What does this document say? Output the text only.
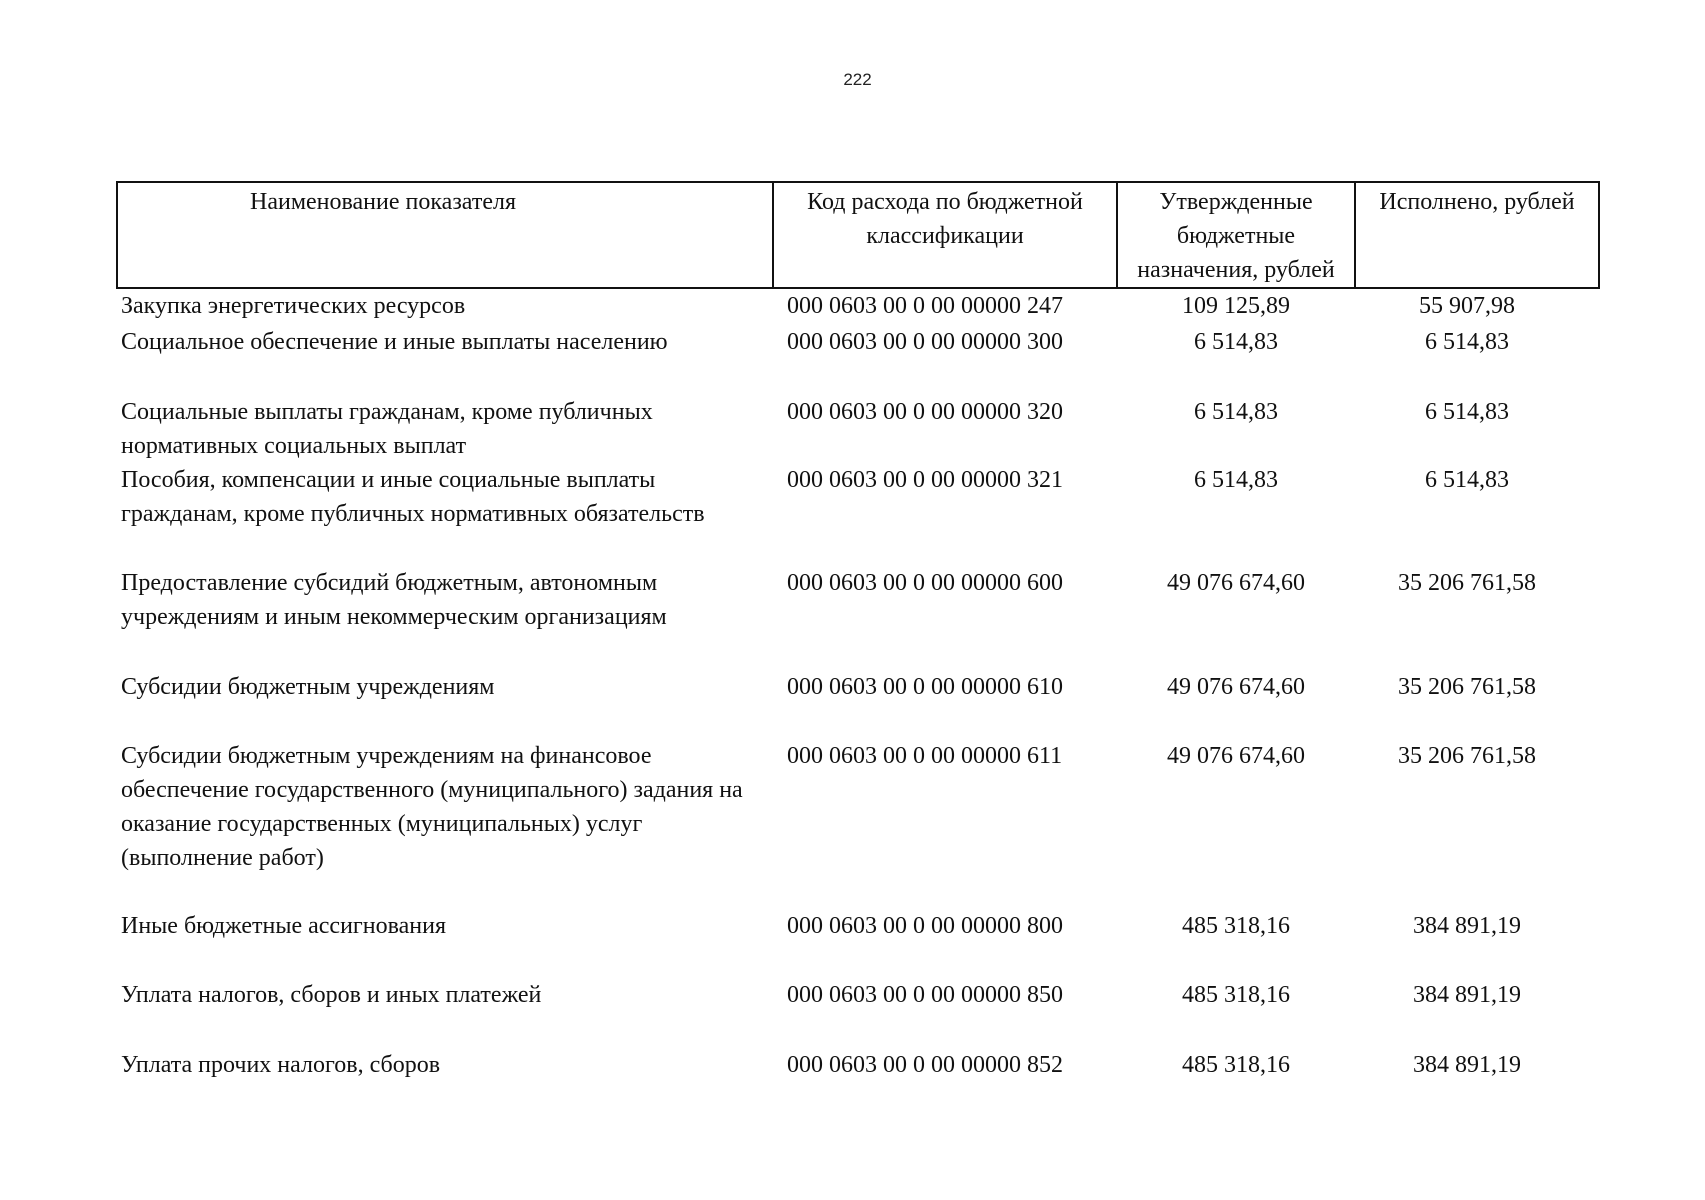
222
Наименование показателя	Код расхода по бюджетной классификации	Утвержденные бюджетные назначения, рублей	Исполнено, рублей
Закупка энергетических ресурсов	000 0603 00 0 00 00000 247	109 125,89	55 907,98
Социальное обеспечение и иные выплаты населению	000 0603 00 0 00 00000 300	6 514,83	6 514,83
Социальные выплаты гражданам, кроме публичных нормативных социальных выплат	000 0603 00 0 00 00000 320	6 514,83	6 514,83
Пособия, компенсации и иные социальные выплаты гражданам, кроме публичных нормативных обязательств	000 0603 00 0 00 00000 321	6 514,83	6 514,83
Предоставление субсидий бюджетным, автономным учреждениям и иным некоммерческим организациям	000 0603 00 0 00 00000 600	49 076 674,60	35 206 761,58
Субсидии бюджетным учреждениям	000 0603 00 0 00 00000 610	49 076 674,60	35 206 761,58
Субсидии бюджетным учреждениям на финансовое обеспечение государственного (муниципального) задания на оказание государственных (муниципальных) услуг (выполнение работ)	000 0603 00 0 00 00000 611	49 076 674,60	35 206 761,58
Иные бюджетные ассигнования	000 0603 00 0 00 00000 800	485 318,16	384 891,19
Уплата налогов, сборов и иных платежей	000 0603 00 0 00 00000 850	485 318,16	384 891,19
Уплата прочих налогов, сборов	000 0603 00 0 00 00000 852	485 318,16	384 891,19
